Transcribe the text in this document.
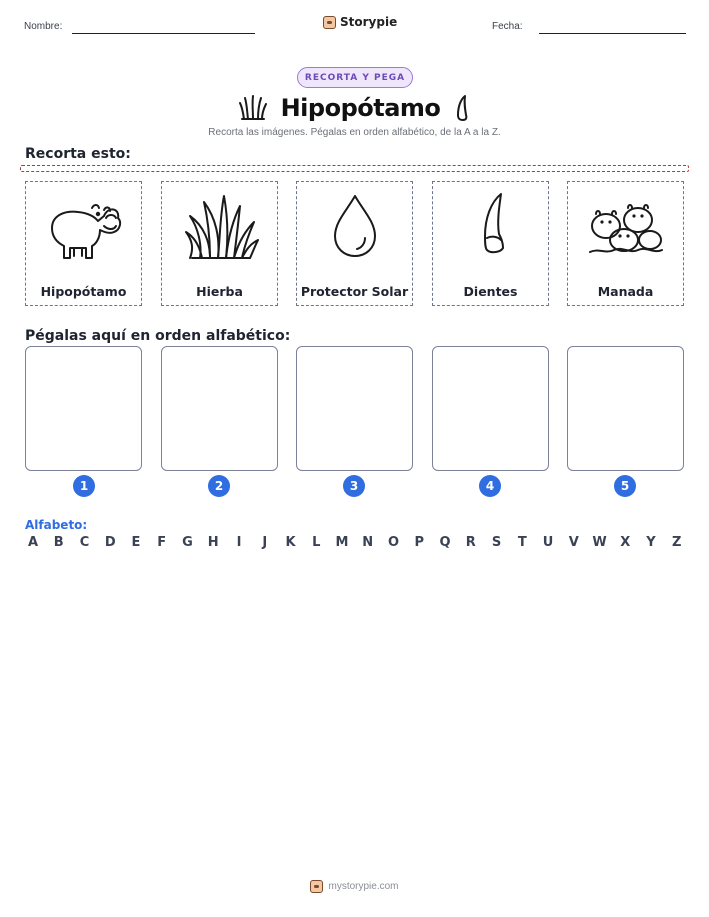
Nombre:	Storypie	Fecha:
RECORTA Y PEGA
Hipopótamo
Recorta las imágenes. Pégalas en orden alfabético, de la A a la Z.
Recorta esto:
Hipopótamo	Hierba	Protector Solar	Dientes	Manada
Pégalas aquí en orden alfabético:
1	2	3	4	5
Alfabeto:
A B C D E F G H	I	J	K L M N O P Q R S T U V W X Y Z
mystorypie.com
